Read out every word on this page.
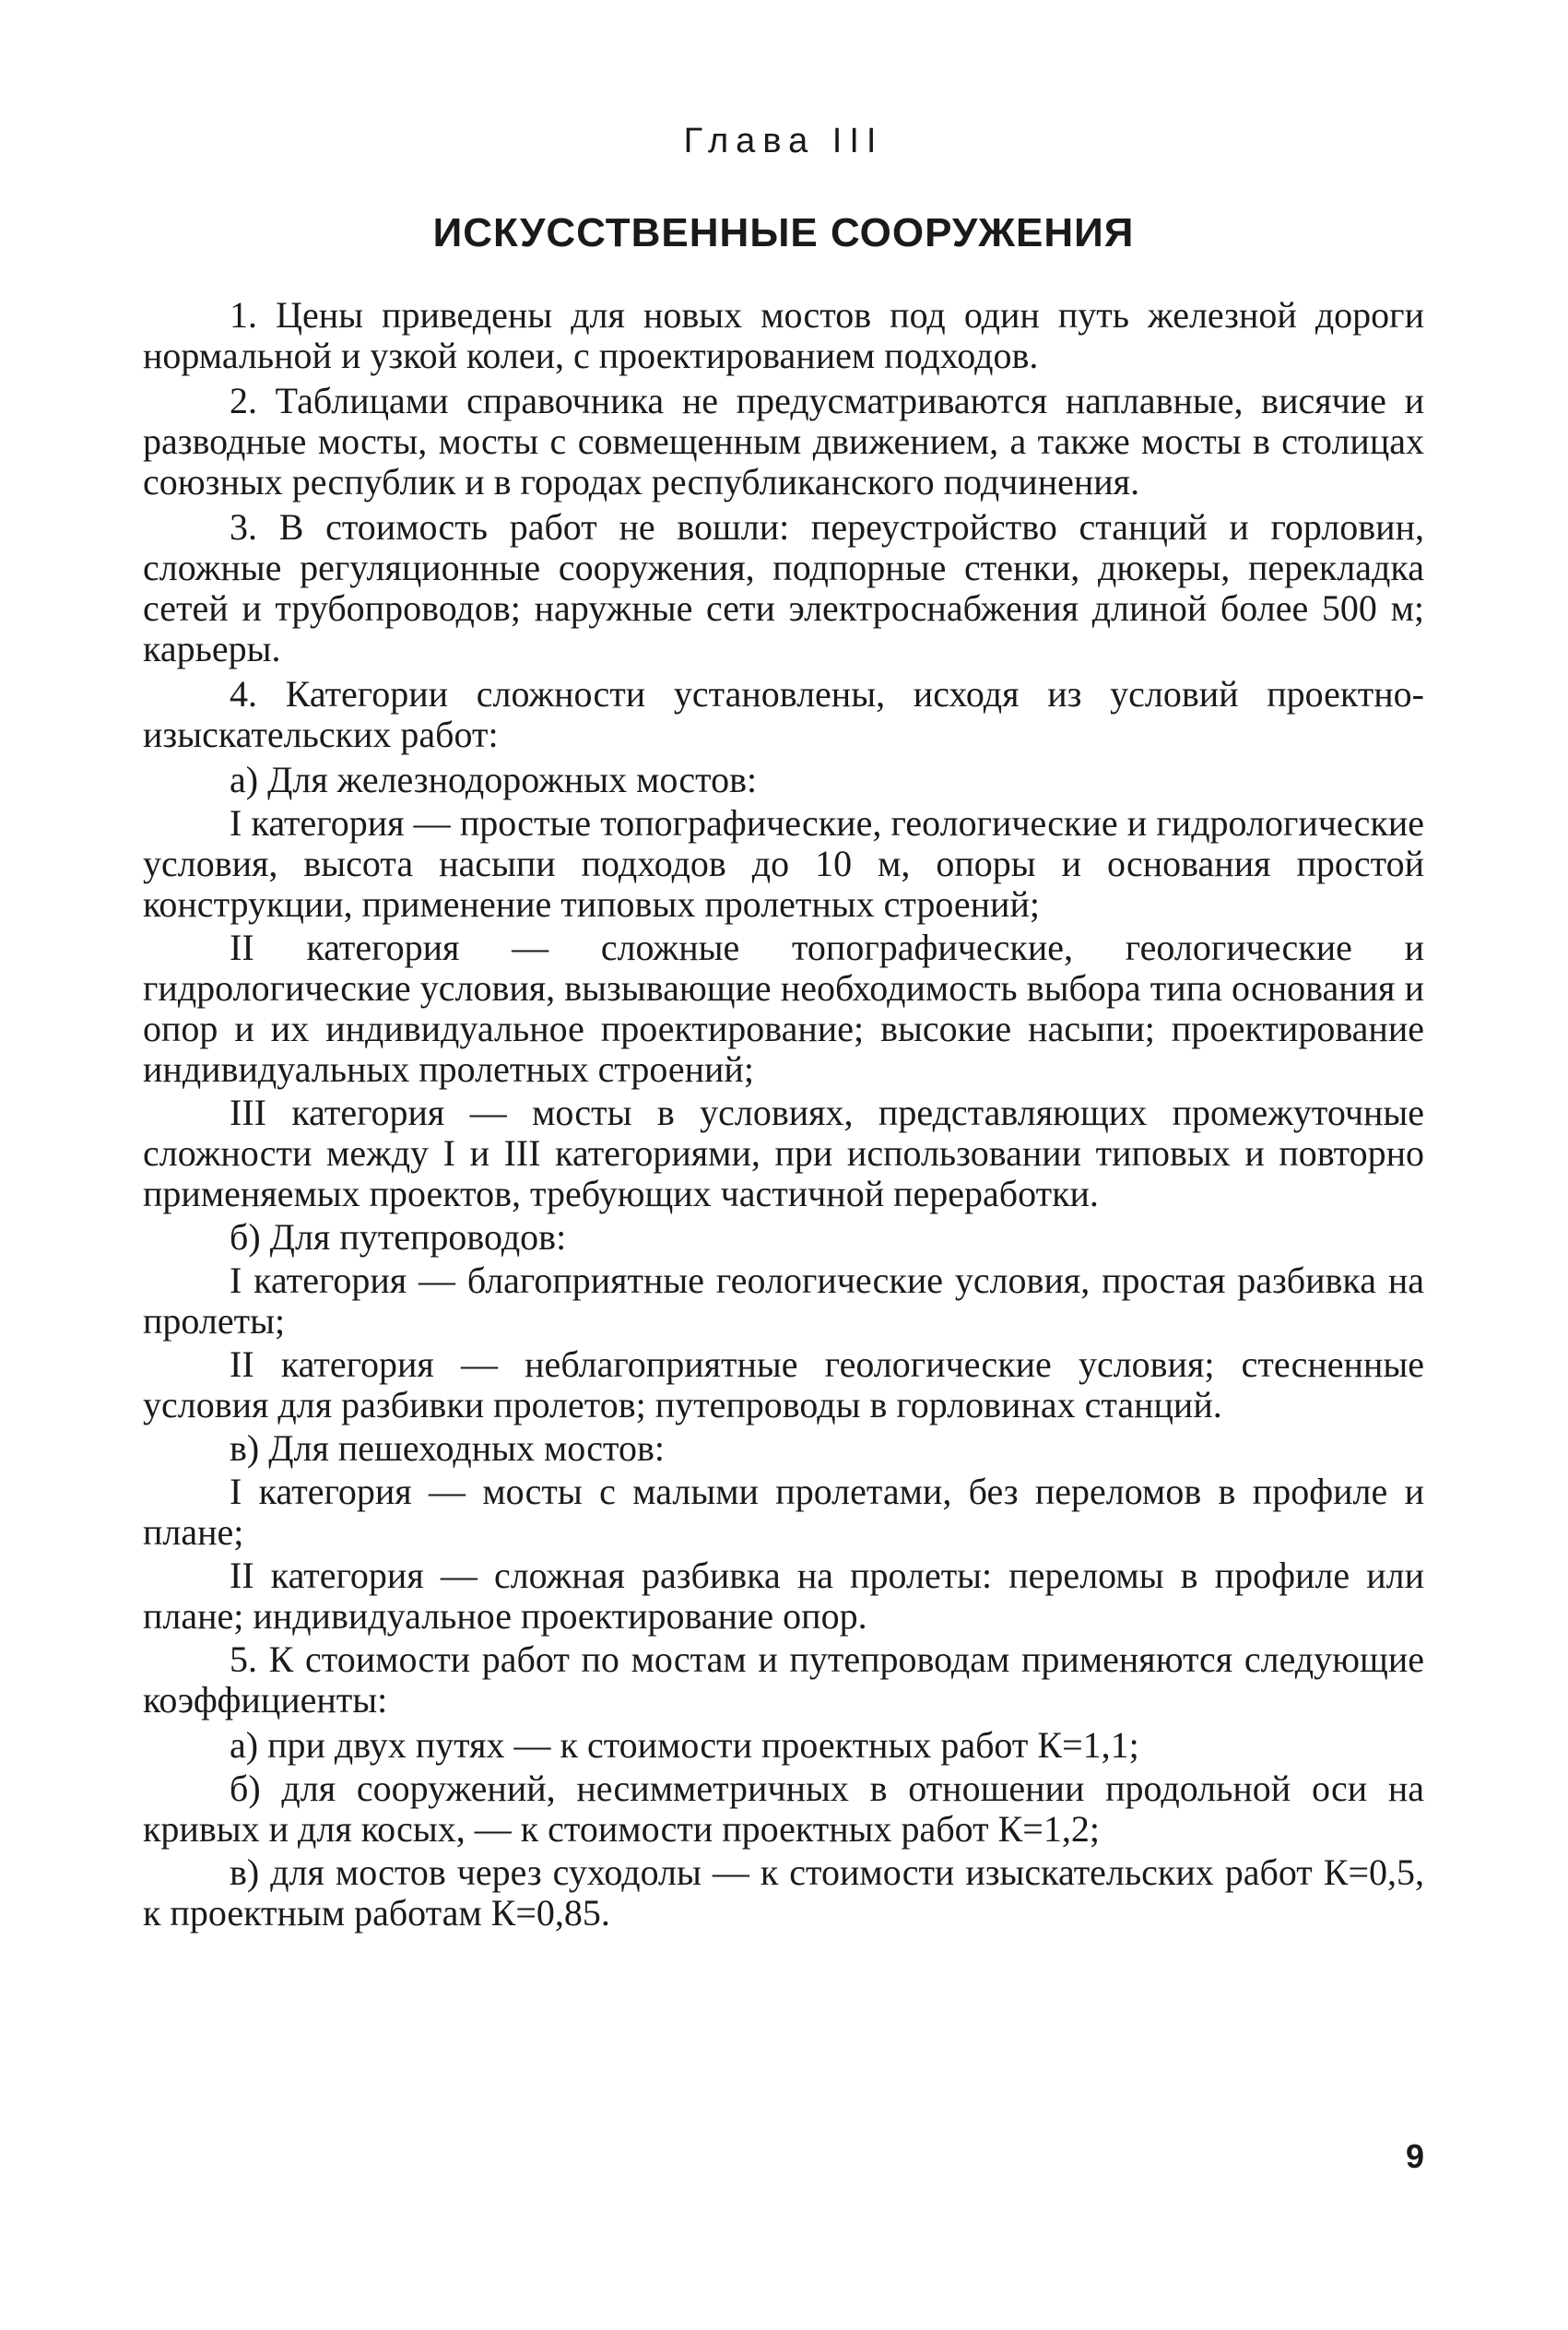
Глава III
ИСКУССТВЕННЫЕ СООРУЖЕНИЯ

1. Цены приведены для новых мостов под один путь железной дороги нормальной и узкой колеи, с проектированием подходов.

2. Таблицами справочника не предусматриваются наплавные, висячие и разводные мосты, мосты с совмещенным движением, а также мосты в столицах союзных республик и в городах республиканского подчинения.

3. В стоимость работ не вошли: переустройство станций и горловин, сложные регуляционные сооружения, подпорные стенки, дюкеры, перекладка сетей и трубопроводов; наружные сети электроснабжения длиной более 500 м; карьеры.

4. Категории сложности установлены, исходя из условий проектно-изыскательских работ:

а) Для железнодорожных мостов:

I категория — простые топографические, геологические и гидрологические условия, высота насыпи подходов до 10 м, опоры и основания простой конструкции, применение типовых пролетных строений;

II категория — сложные топографические, геологические и гидрологические условия, вызывающие необходимость выбора типа основания и опор и их индивидуальное проектирование; высокие насыпи; проектирование индивидуальных пролетных строений;

III категория — мосты в условиях, представляющих промежуточные сложности между I и III категориями, при использовании типовых и повторно применяемых проектов, требующих частичной переработки.

б) Для путепроводов:

I категория — благоприятные геологические условия, простая разбивка на пролеты;

II категория — неблагоприятные геологические условия; стесненные условия для разбивки пролетов; путепроводы в горловинах станций.

в) Для пешеходных мостов:

I категория — мосты с малыми пролетами, без переломов в профиле и плане;

II категория — сложная разбивка на пролеты: переломы в профиле или плане; индивидуальное проектирование опор.

5. К стоимости работ по мостам и путепроводам применяются следующие коэффициенты:

а) при двух путях — к стоимости проектных работ К=1,1;

б) для сооружений, несимметричных в отношении продольной оси на кривых и для косых, — к стоимости проектных работ К=1,2;

в) для мостов через суходолы — к стоимости изыскательских работ К=0,5, к проектным работам К=0,85.

9
